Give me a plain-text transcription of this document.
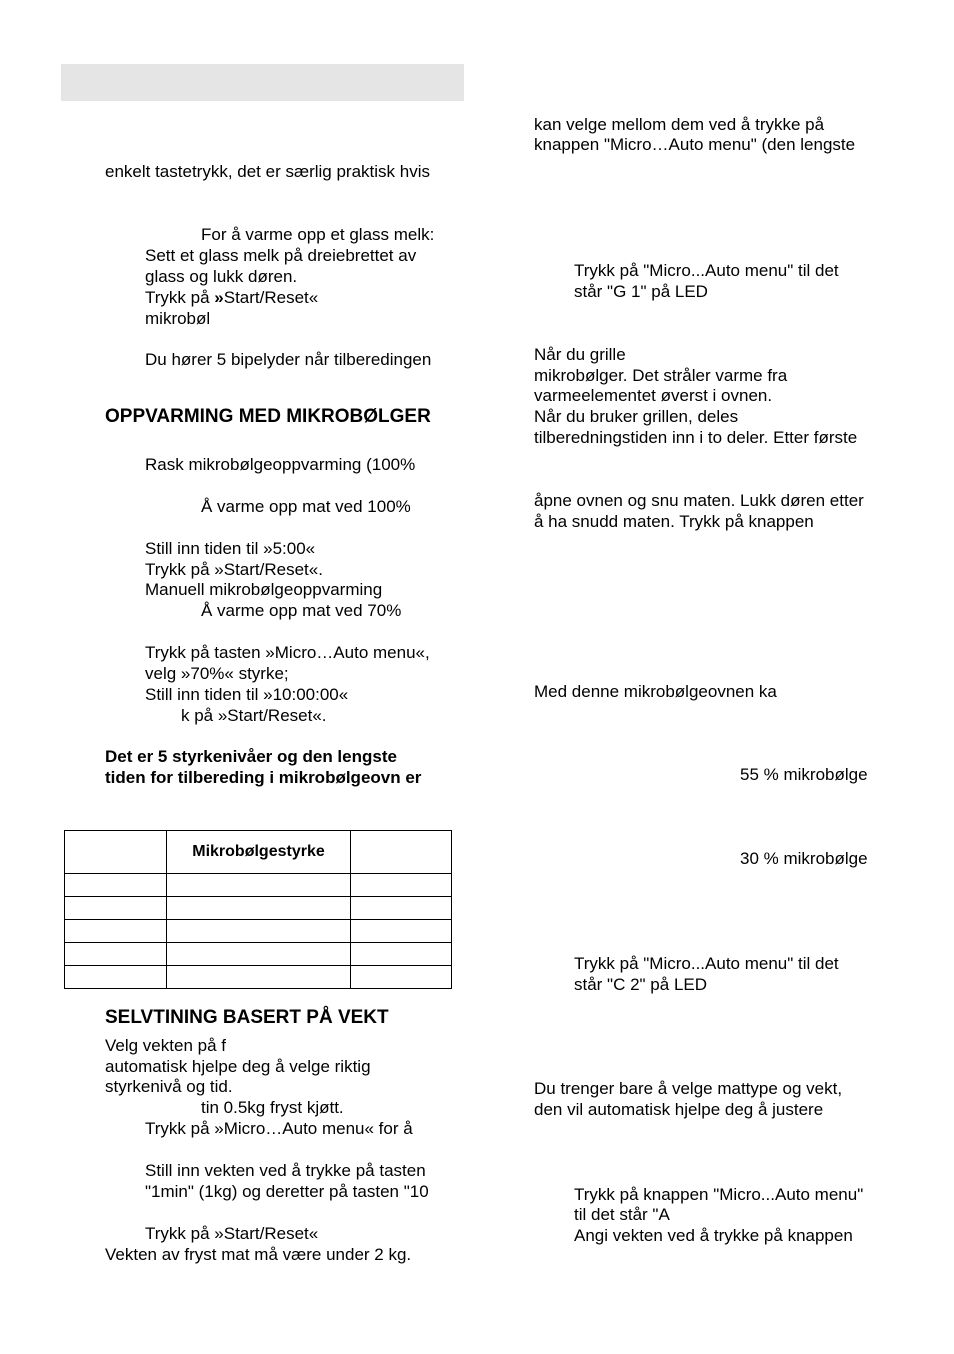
enkelt tastetrykk, det er særlig praktisk hvis
For å varme opp et glass melk:
Sett et glass melk på dreiebrettet av
glass og lukk døren.
Trykk på »Start/Reset«
mikrobøl
Du hører 5 bipelyder når tilberedingen
OPPVARMING MED MIKROBØLGER
Rask mikrobølgeoppvarming (100%
Å varme opp mat ved 100%
Still inn tiden til »5:00«
Trykk på »Start/Reset«.
Manuell mikrobølgeoppvarming
Å varme opp mat ved 70%
Trykk på tasten »Micro…Auto menu«,
velg »70%« styrke;
Still inn tiden til »10:00:00«
k på »Start/Reset«.
Det er 5 styrkenivåer og den lengste
tiden for tilbereding i mikrobølgeovn er
	Mikrobølgestyrke	

SELVTINING BASERT PÅ VEKT
Velg vekten på f
automatisk hjelpe deg å velge riktig
styrkenivå og tid.
tin 0.5kg fryst kjøtt.
Trykk på »Micro…Auto menu« for å
Still inn vekten ved å trykke på tasten
"1min" (1kg) og deretter på tasten "10
Trykk på »Start/Reset«
Vekten av fryst mat må være under 2 kg.
kan velge mellom dem ved å trykke på
knappen "Micro…Auto menu" (den lengste
Trykk på "Micro...Auto menu" til det
står "G 1" på LED
Når du grille
mikrobølger. Det stråler varme fra
varmeelementet øverst i ovnen.
Når du bruker grillen, deles
tilberedningstiden inn i to deler. Etter første
åpne ovnen og snu maten. Lukk døren etter
å ha snudd maten. Trykk på knappen
Med denne mikrobølgeovnen ka
55 % mikrobølge
30 % mikrobølge
Trykk på "Micro...Auto menu" til det
står "C 2" på LED
Du trenger bare å velge mattype og vekt,
den vil automatisk hjelpe deg å justere
Trykk på knappen "Micro...Auto menu"
til det står "A
Angi vekten ved å trykke på knappen
